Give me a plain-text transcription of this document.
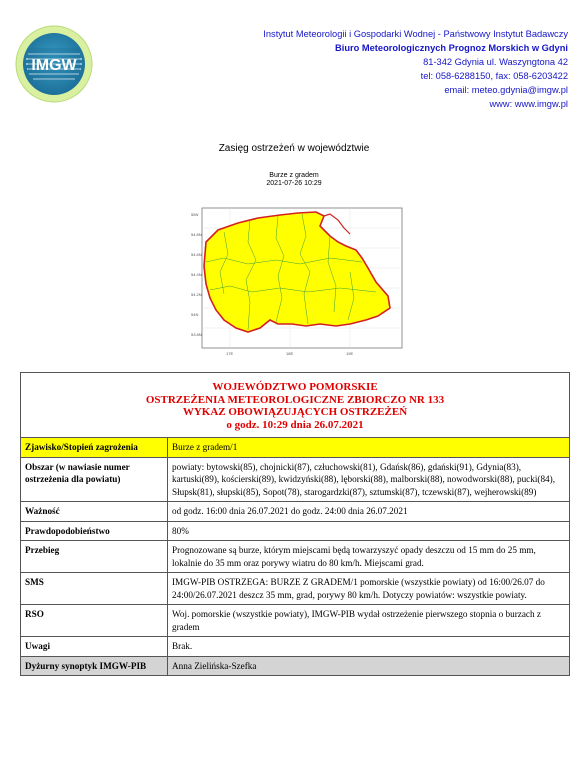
IMGW
Instytut Meteorologii i Gospodarki Wodnej - Państwowy Instytut Badawczy
Biuro Meteorologicznych Prognoz Morskich w Gdyni
81-342 Gdynia ul. Waszyngtona 42
tel: 058-6288150, fax: 058-6203422
email: meteo.gdynia@imgw.pl
www: www.imgw.pl
Zasięg ostrzeżeń w województwie
Burze z gradem
2021-07-26 10:29
55N
54.8N
54.6N
54.4N
54.2N
54N
53.8N
17E	18E	19E
WOJEWÓDZTWO POMORSKIE
OSTRZEŻENIA METEOROLOGICZNE ZBIORCZO NR 133
WYKAZ OBOWIĄZUJĄCYCH OSTRZEŻEŃ
o godz. 10:29 dnia 26.07.2021	

Zjawisko/Stopień zagrożenia	Burze z gradem/1
Obszar (w nawiasie numer ostrzeżenia dla powiatu)	powiaty: bytowski(85), chojnicki(87), człuchowski(81), Gdańsk(86), gdański(91), Gdynia(83), kartuski(89), kościerski(89), kwidzyński(88), lęborski(88), malborski(88), nowodworski(88), pucki(84), Słupsk(81), słupski(85), Sopot(78), starogardzki(87), sztumski(87), tczewski(87), wejherowski(89)
Ważność	od godz. 16:00 dnia 26.07.2021 do godz. 24:00 dnia 26.07.2021
Prawdopodobieństwo	80%
Przebieg	Prognozowane są burze, którym miejscami będą towarzyszyć opady deszczu od 15 mm do 25 mm, lokalnie do 35 mm oraz porywy wiatru do 80 km/h. Miejscami grad.
SMS	IMGW-PIB OSTRZEGA: BURZE Z GRADEM/1 pomorskie (wszystkie powiaty) od 16:00/26.07 do 24:00/26.07.2021 deszcz 35 mm, grad, porywy 80 km/h. Dotyczy powiatów: wszystkie powiaty.
RSO	Woj. pomorskie (wszystkie powiaty), IMGW-PIB wydał ostrzeżenie pierwszego stopnia o burzach z gradem
Uwagi	Brak.
Dyżurny synoptyk IMGW-PIB	Anna Zielińska-Szefka
